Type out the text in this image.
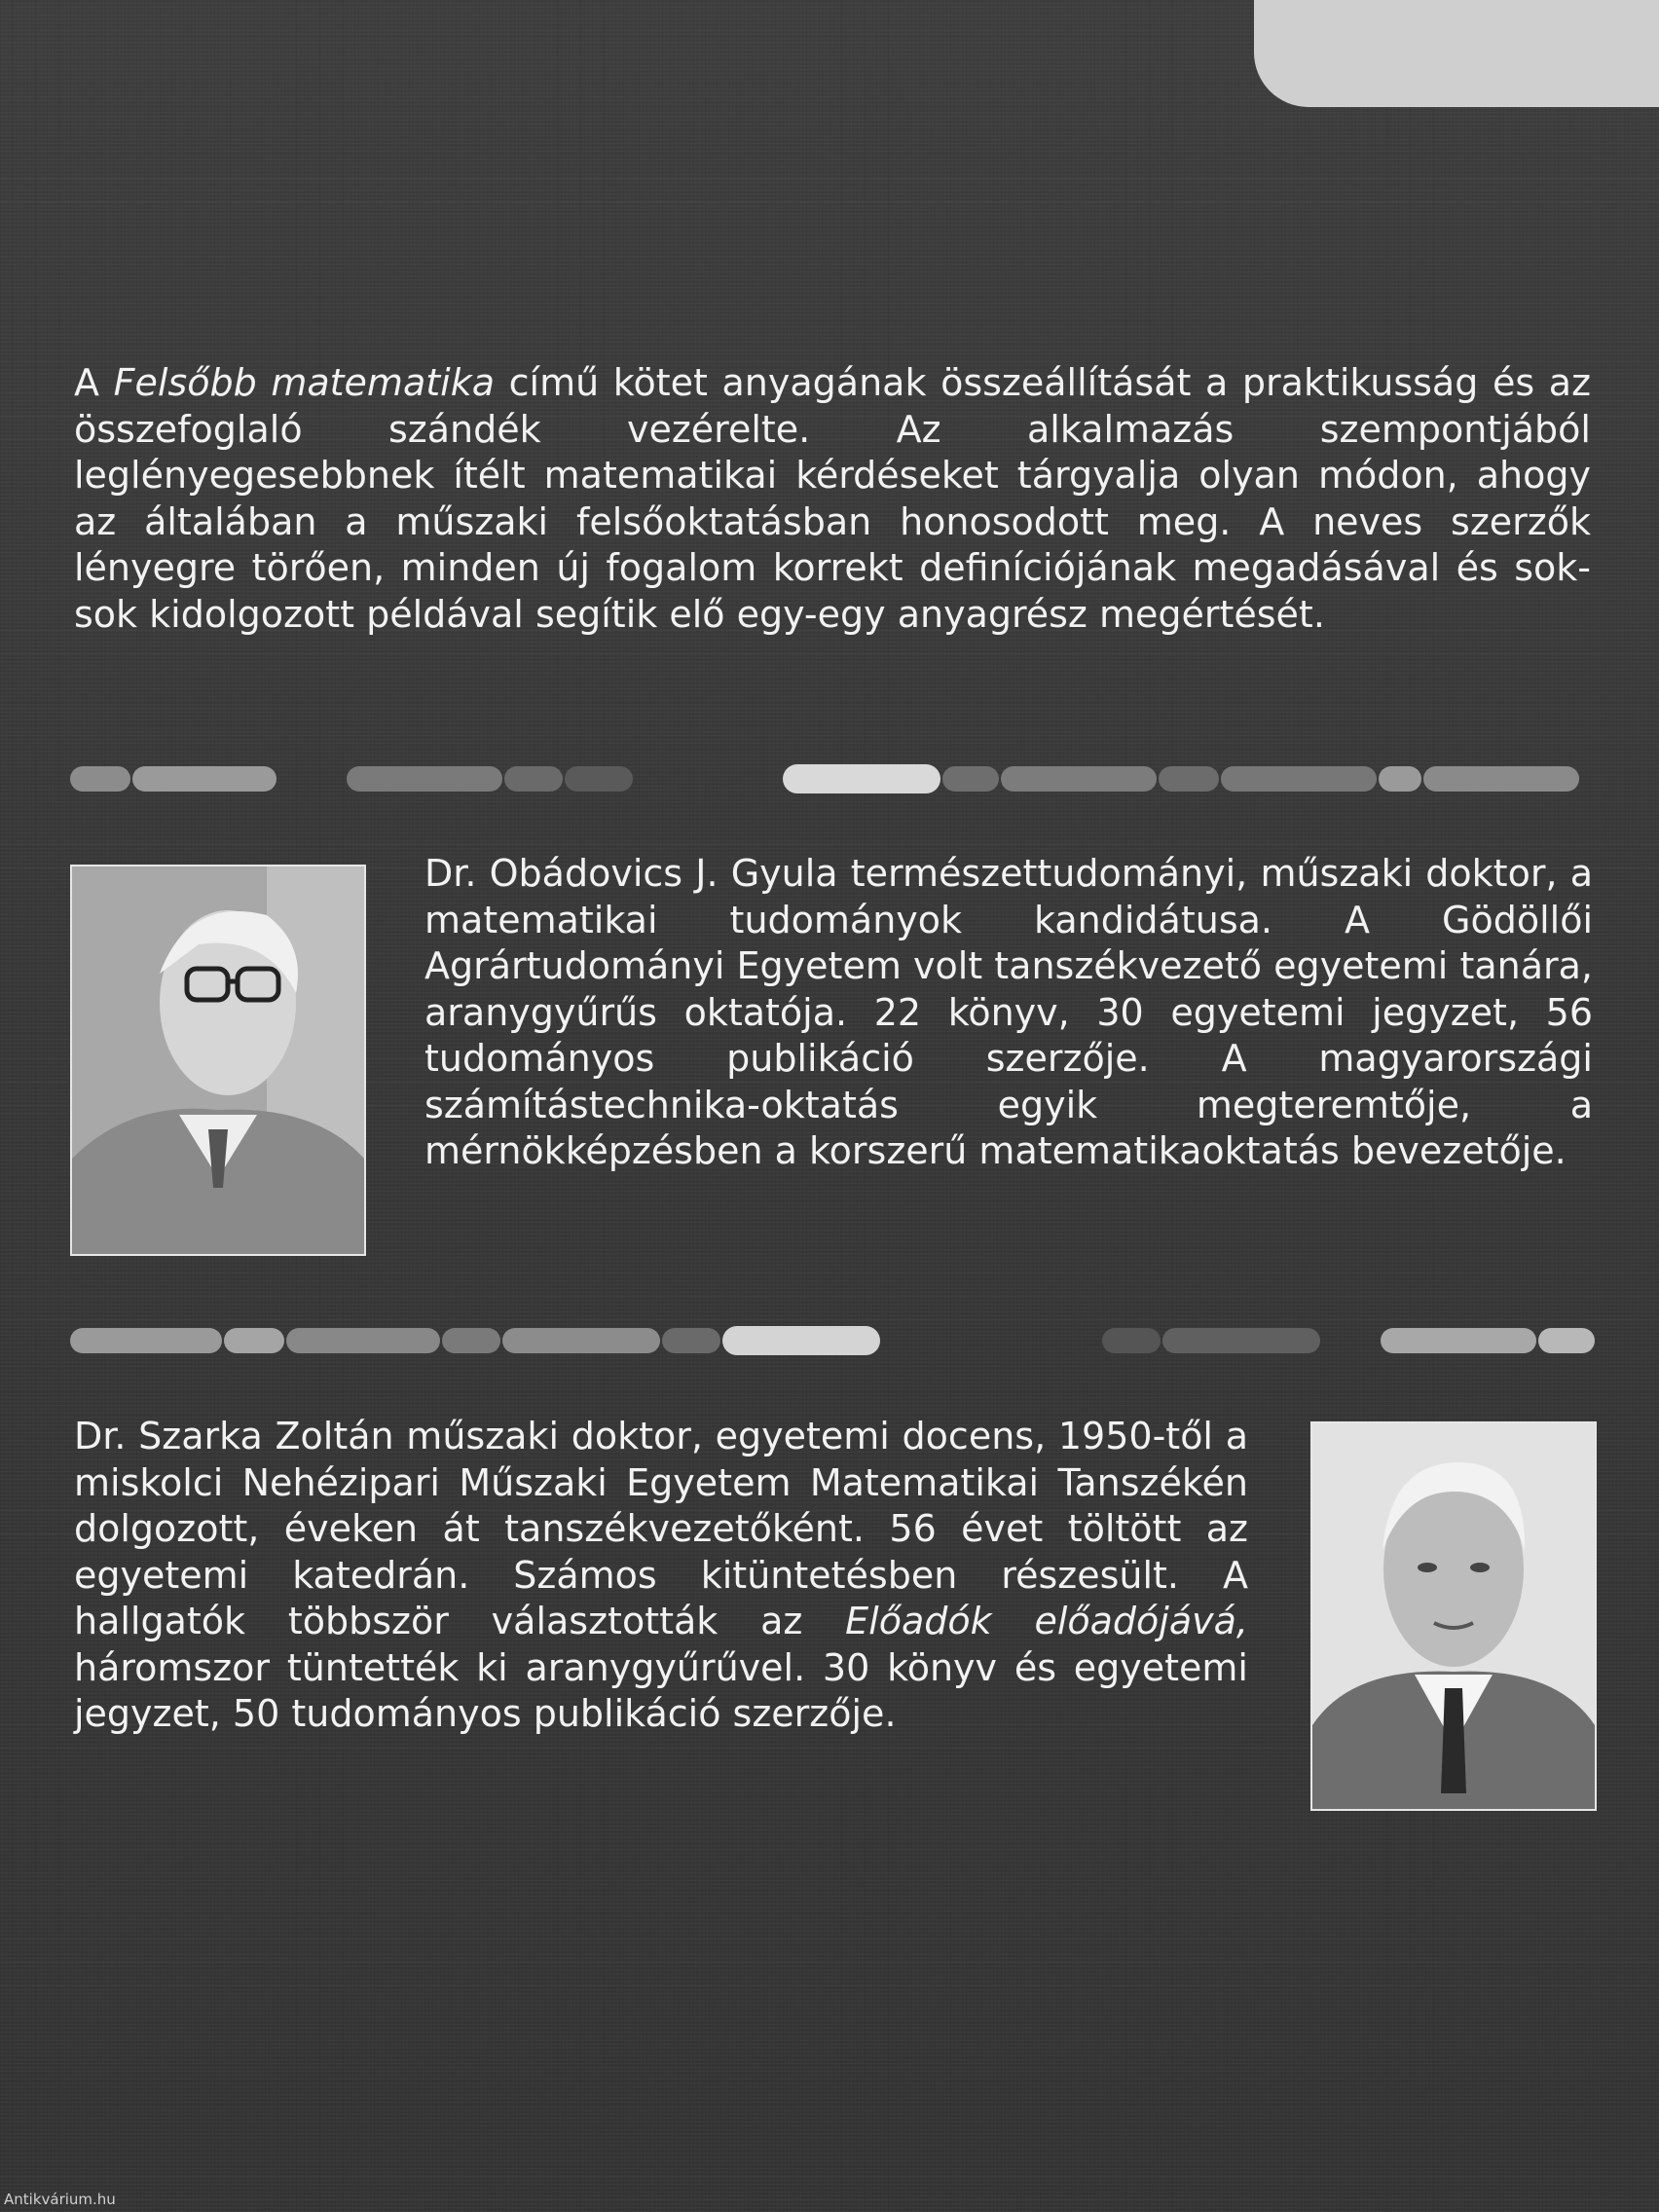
A Felsőbb matematika című kötet anyagának összeállítását a praktikusság és az összefoglaló szándék vezérelte. Az alkalmazás szempontjából leglényegesebbnek ítélt matematikai kérdéseket tárgyalja olyan módon, ahogy az általában a műszaki felsőoktatásban honosodott meg. A neves szerzők lényegre törően, minden új fogalom korrekt definíciójának megadásával és sok-sok kidolgozott példával segítik elő egy-egy anyagrész megértését.

Dr. Obádovics J. Gyula természettudományi, műszaki doktor, a matematikai tudományok kandidátusa. A Gödöllői Agrártudományi Egyetem volt tanszékvezető egyetemi tanára, aranygyűrűs oktatója. 22 könyv, 30 egyetemi jegyzet, 56 tudományos publikáció szerzője. A magyarországi számítástechnika-oktatás egyik megteremtője, a mérnökképzésben a korszerű matematikaoktatás bevezetője.

Dr. Szarka Zoltán műszaki doktor, egyetemi docens, 1950-től a miskolci Nehézipari Műszaki Egyetem Matematikai Tanszékén dolgozott, éveken át tanszékvezetőként. 56 évet töltött az egyetemi katedrán. Számos kitüntetésben részesült. A hallgatók többször választották az Előadók előadójává, háromszor tüntették ki aranygyűrűvel. 30 könyv és egyetemi jegyzet, 50 tudományos publikáció szerzője.

Antikvárium.hu
